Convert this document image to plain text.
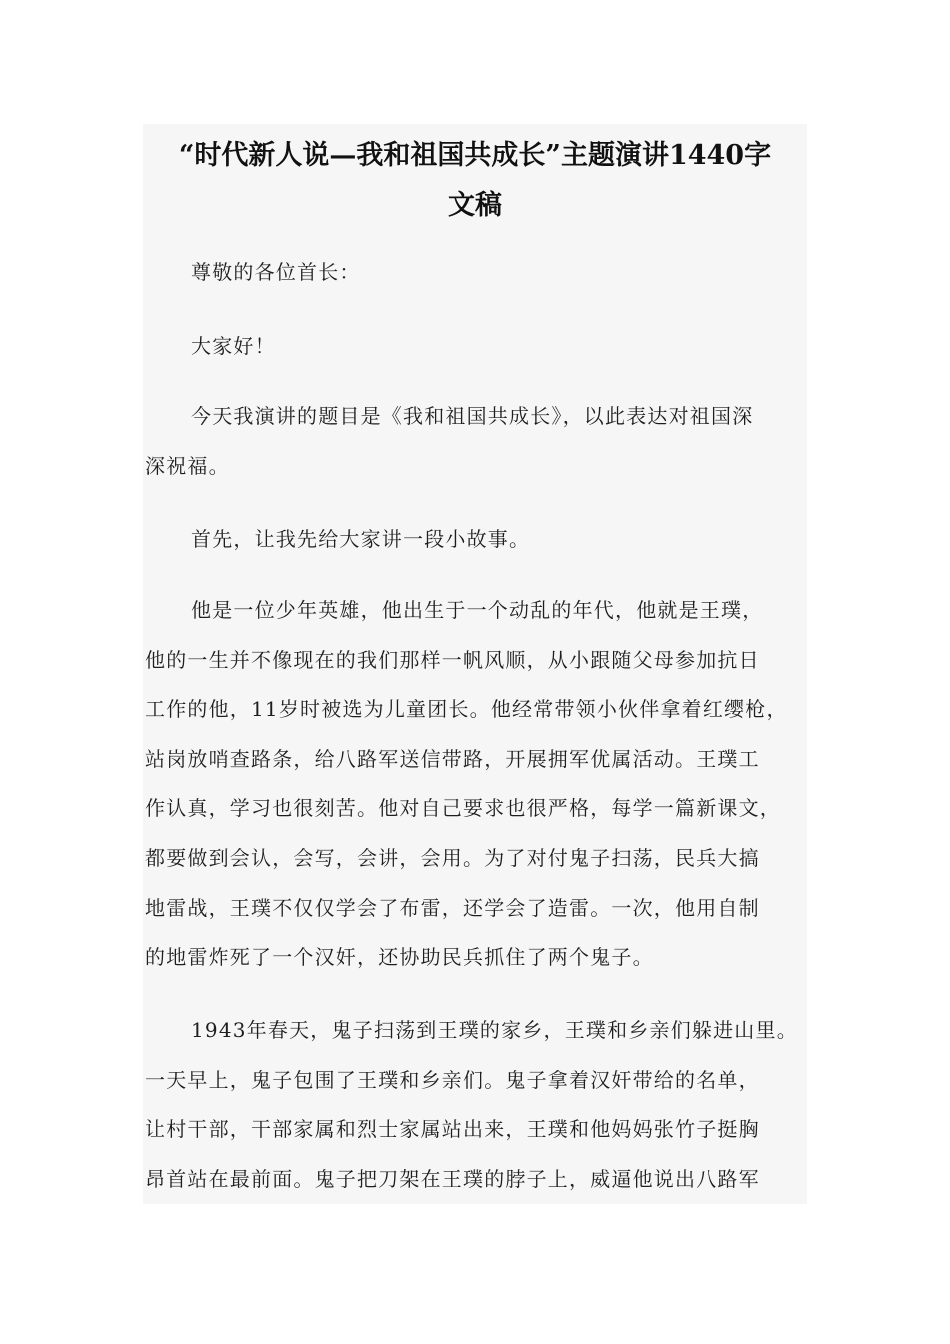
“时代新人说—我和祖国共成长”主题演讲1440字
文稿
尊敬的各位首长：
大家好！
今天我演讲的题目是《我和祖国共成长》，以此表达对祖国深
深祝福。
首先，让我先给大家讲一段小故事。
他是一位少年英雄，他出生于一个动乱的年代，他就是王璞，
他的一生并不像现在的我们那样一帆风顺，从小跟随父母参加抗日
工作的他，11岁时被选为儿童团长。他经常带领小伙伴拿着红缨枪，
站岗放哨查路条，给八路军送信带路，开展拥军优属活动。王璞工
作认真，学习也很刻苦。他对自己要求也很严格，每学一篇新课文，
都要做到会认，会写，会讲，会用。为了对付鬼子扫荡，民兵大搞
地雷战，王璞不仅仅学会了布雷，还学会了造雷。一次，他用自制
的地雷炸死了一个汉奸，还协助民兵抓住了两个鬼子。
1943年春天，鬼子扫荡到王璞的家乡，王璞和乡亲们躲进山里。
一天早上，鬼子包围了王璞和乡亲们。鬼子拿着汉奸带给的名单，
让村干部，干部家属和烈士家属站出来，王璞和他妈妈张竹子挺胸
昂首站在最前面。鬼子把刀架在王璞的脖子上，威逼他说出八路军
